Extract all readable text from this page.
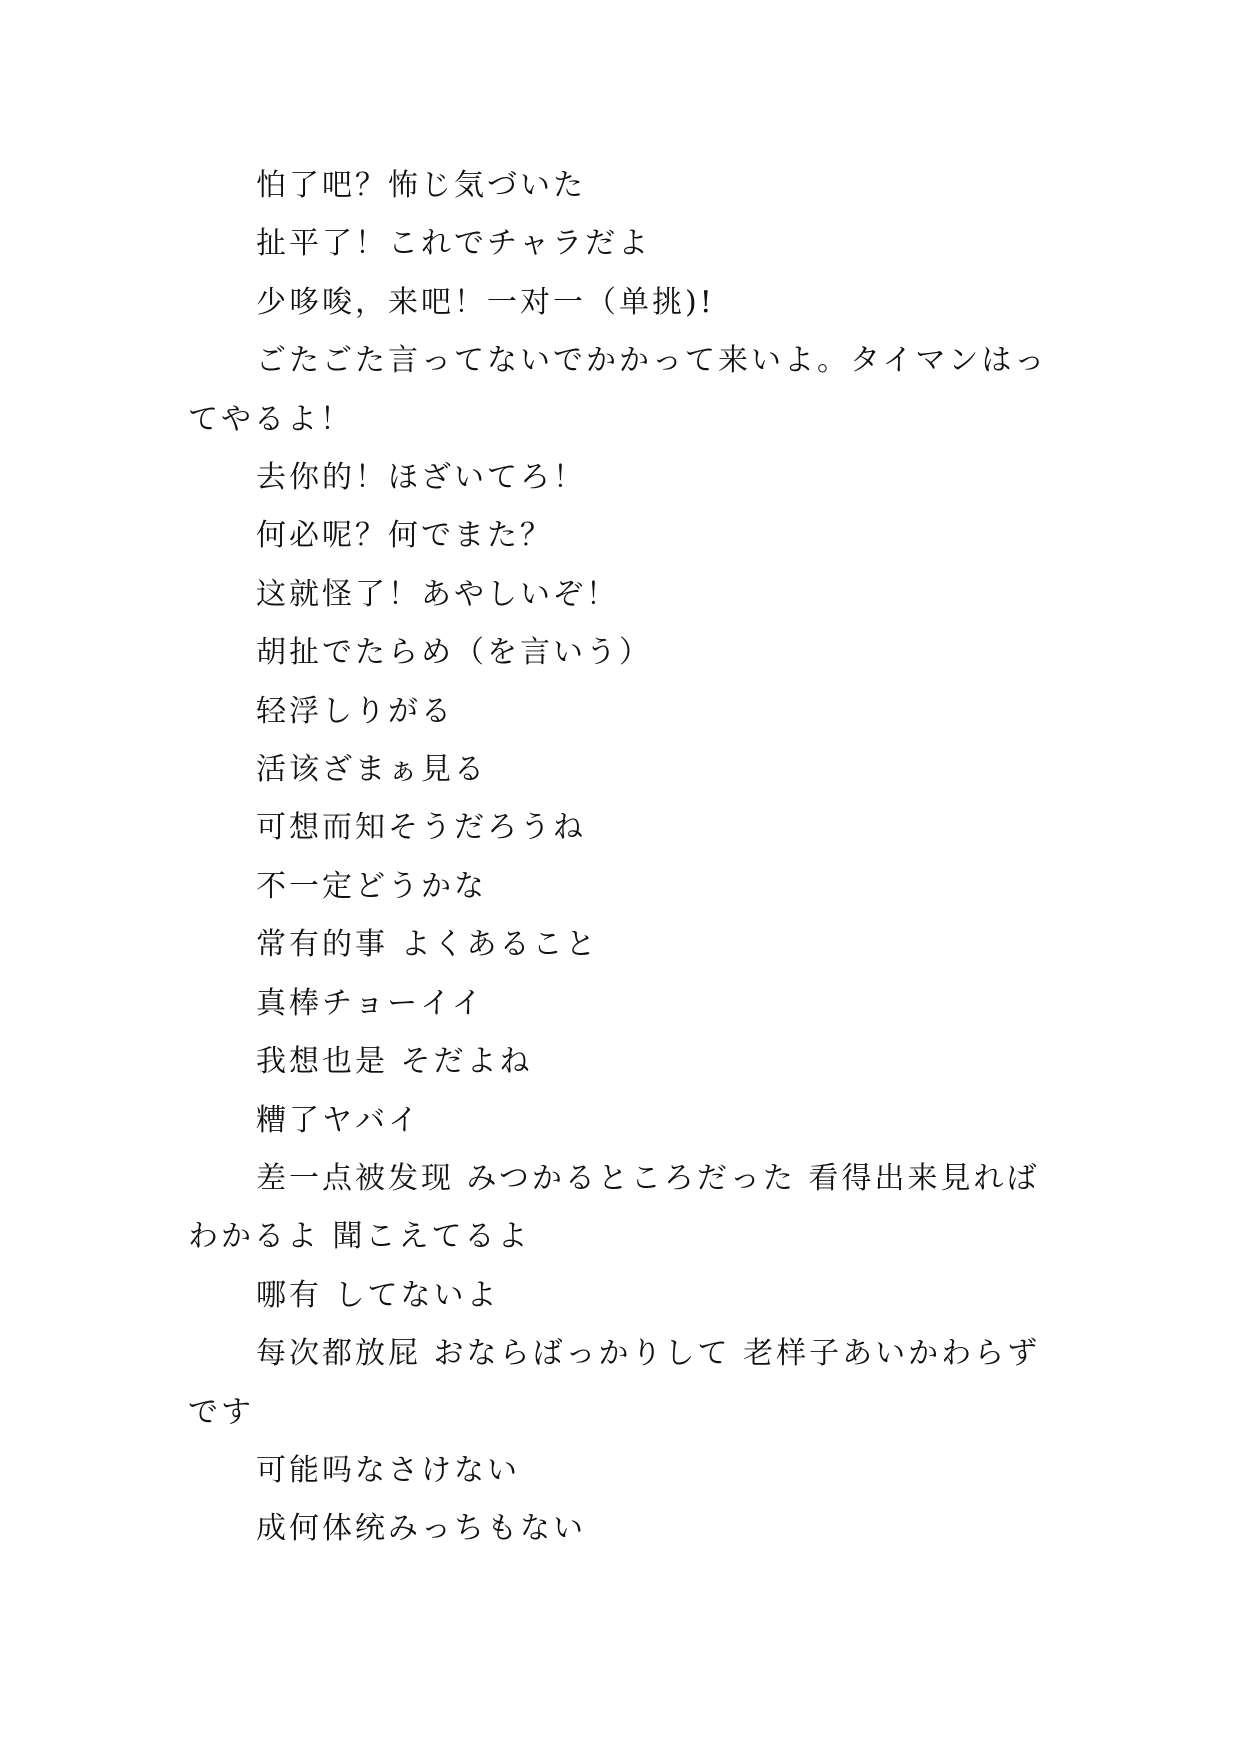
怕了吧？怖じ気づいた

扯平了！これでチャラだよ

少哆唆，来吧！一对一（单挑)!

ごたごた言ってないでかかって来いよ。タイマンはってやるよ！

去你的！ほざいてろ！

何必呢？何でまた？

这就怪了！あやしいぞ！

胡扯でたらめ（を言いう）

轻浮しりがる

活该ざまぁ見る

可想而知そうだろうね

不一定どうかな

常有的事 よくあること

真棒チョーイイ

我想也是 そだよね

糟了ヤバイ

差一点被发现 みつかるところだった 看得出来見ればわかるよ 聞こえてるよ

哪有 してないよ

每次都放屁 おならばっかりして 老样子あいかわらずです

可能吗なさけない

成何体统みっちもない
